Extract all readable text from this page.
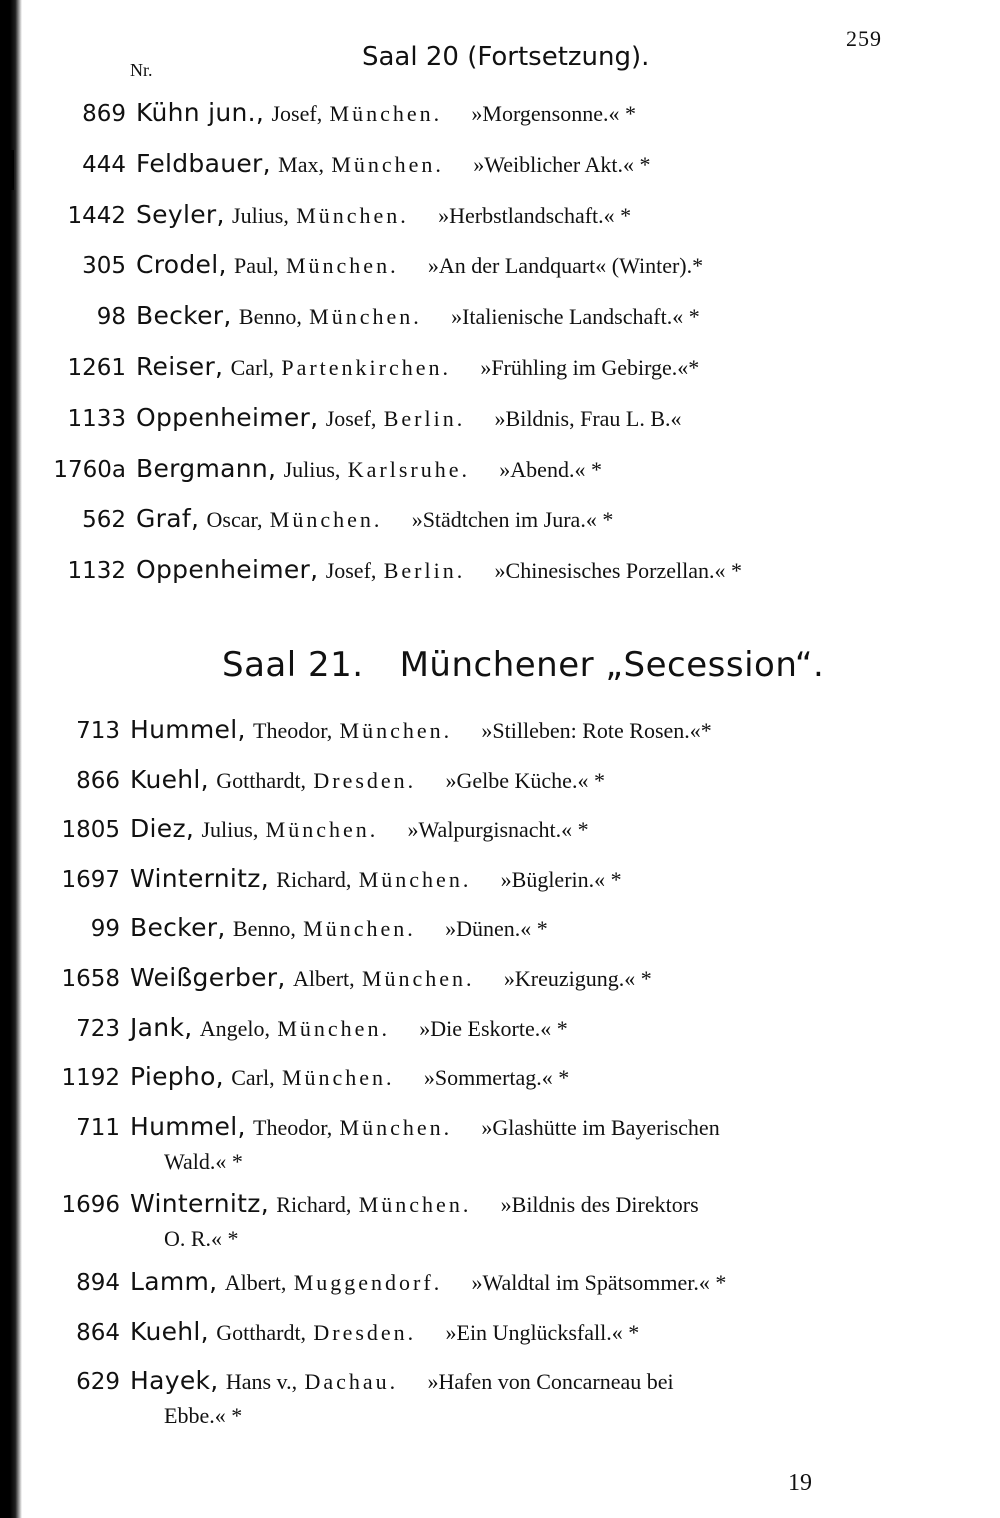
259
Nr.	Saal 20 (Fortsetzung).
Saal 21. Münchener „Secession“.
869 Kühn jun., Josef, München. »Morgensonne.« *
444 Feldbauer, Max, München. »Weiblicher Akt.« *
1442 Seyler, Julius, München. »Herbstlandschaft.« *
305 Crodel, Paul, München. »An der Landquart« (Winter).*
98 Becker, Benno, München. »Italienische Landschaft.« *
1261 Reiser, Carl, Partenkirchen. »Frühling im Gebirge.«*
1133 Oppenheimer, Josef, Berlin. »Bildnis, Frau L. B.«
1760a Bergmann, Julius, Karlsruhe. »Abend.« *
562 Graf, Oscar, München. »Städtchen im Jura.« *
1132 Oppenheimer, Josef, Berlin. »Chinesisches Porzellan.« *
713 Hummel, Theodor, München. »Stilleben: Rote Rosen.«*
866 Kuehl, Gotthardt, Dresden. »Gelbe Küche.« *
1805 Diez, Julius, München. »Walpurgisnacht.« *
1697 Winternitz, Richard, München. »Büglerin.« *
99 Becker, Benno, München. »Dünen.« *
1658 Weißgerber, Albert, München. »Kreuzigung.« *
723 Jank, Angelo, München. »Die Eskorte.« *
1192 Piepho, Carl, München. »Sommertag.« *
711 Hummel, Theodor, München. »Glashütte im Bayerischen
Wald.« *
1696 Winternitz, Richard, München. »Bildnis des Direktors
O. R.« *
894 Lamm, Albert, Muggendorf. »Waldtal im Spätsommer.« *
864 Kuehl, Gotthardt, Dresden. »Ein Unglücksfall.« *
629 Hayek, Hans v., Dachau. »Hafen von Concarneau bei
Ebbe.« *
19
